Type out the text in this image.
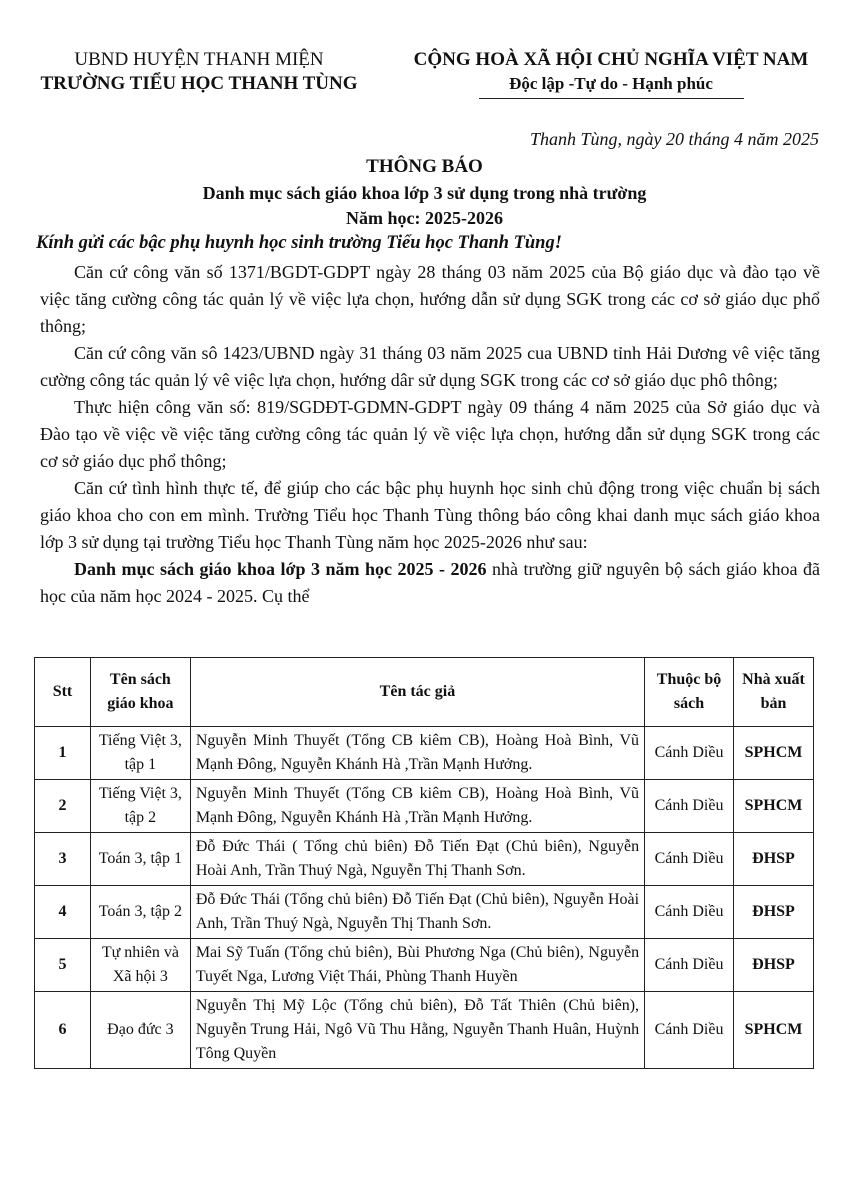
UBND HUYỆN THANH MIỆN
TRƯỜNG TIỂU HỌC THANH TÙNG
CỘNG HOÀ XÃ HỘI CHỦ NGHĨA VIỆT NAM
Độc lập -Tự do - Hạnh phúc
Thanh Tùng, ngày 20 tháng 4 năm 2025
THÔNG BÁO
Danh mục sách giáo khoa lớp 3 sử dụng trong nhà trường
Năm học: 2025-2026
Kính gửi các bậc phụ huynh học sinh trường Tiểu học Thanh Tùng!

Căn cứ công văn số 1371/BGDT-GDPT ngày 28 tháng 03 năm 2025 của Bộ giáo dục và đào tạo về việc tăng cường công tác quản lý về việc lựa chọn, hướng dẫn sử dụng SGK trong các cơ sở giáo dục phổ thông;

Căn cứ công văn sô 1423/UBND ngày 31 tháng 03 năm 2025 cua UBND tỉnh Hải Dương vê việc tăng cường công tác quản lý vê việc lựa chọn, hướng dâr sử dụng SGK trong các cơ sở giáo dục phô thông;

Thực hiện công văn số: 819/SGDĐT-GDMN-GDPT ngày 09 tháng 4 năm 2025 của Sở giáo dục và Đào tạo về việc về việc tăng cường công tác quản lý về việc lựa chọn, hướng dẫn sử dụng SGK trong các cơ sở giáo dục phổ thông;

Căn cứ tình hình thực tế, để giúp cho các bậc phụ huynh học sinh chủ động trong việc chuẩn bị sách giáo khoa cho con em mình. Trường Tiểu học Thanh Tùng thông báo công khai danh mục sách giáo khoa lớp 3 sử dụng tại trường Tiểu học Thanh Tùng năm học 2025-2026 như sau:

Danh mục sách giáo khoa lớp 3 năm học 2025 - 2026 nhà trường giữ nguyên bộ sách giáo khoa đã học của năm học 2024 - 2025. Cụ thể

Stt	Tên sách giáo khoa	Tên tác giả	Thuộc bộ sách	Nhà xuất bản
1	Tiếng Việt 3, tập 1	Nguyễn Minh Thuyết (Tổng CB kiêm CB), Hoàng Hoà Bình, Vũ Mạnh Đông, Nguyễn Khánh Hà ,Trần Mạnh Hưởng.	Cánh Diều	SPHCM
2	Tiếng Việt 3, tập 2	Nguyễn Minh Thuyết (Tổng CB kiêm CB), Hoàng Hoà Bình, Vũ Mạnh Đông, Nguyễn Khánh Hà ,Trần Mạnh Hưởng.	Cánh Diều	SPHCM
3	Toán 3, tập 1	Đỗ Đức Thái ( Tổng chủ biên) Đỗ Tiến Đạt (Chủ biên), Nguyễn Hoài Anh, Trần Thuý Ngà, Nguyễn Thị Thanh Sơn.	Cánh Diều	ĐHSP
4	Toán 3, tập 2	Đỗ Đức Thái (Tổng chủ biên) Đỗ Tiến Đạt (Chủ biên), Nguyễn Hoài Anh, Trần Thuý Ngà, Nguyễn Thị Thanh Sơn.	Cánh Diều	ĐHSP
5	Tự nhiên và Xã hội 3	Mai Sỹ Tuấn (Tổng chủ biên), Bùi Phương Nga (Chủ biên), Nguyễn Tuyết Nga, Lương Việt Thái, Phùng Thanh Huyền	Cánh Diều	ĐHSP
6	Đạo đức 3	Nguyễn Thị Mỹ Lộc (Tổng chủ biên), Đỗ Tất Thiên (Chủ biên), Nguyễn Trung Hải, Ngô Vũ Thu Hằng, Nguyễn Thanh Huân, Huỳnh Tông Quyền	Cánh Diều	SPHCM
